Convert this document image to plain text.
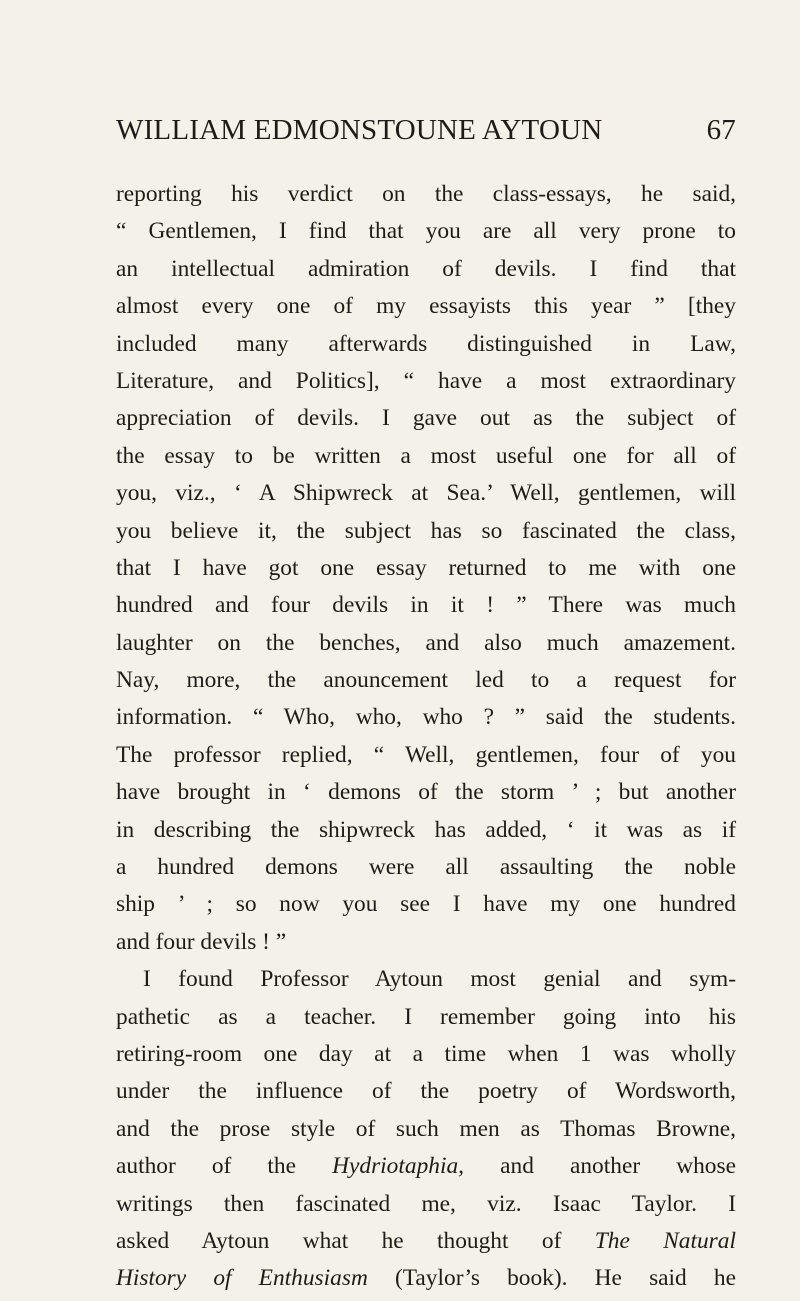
WILLIAM EDMONSTOUNE AYTOUN	67
reporting his verdict on the class-essays, he said,
“ Gentlemen, I find that you are all very prone to
an intellectual admiration of devils. I find that
almost every one of my essayists this year ” [they
included many afterwards distinguished in Law,
Literature, and Politics], “ have a most extraordinary
appreciation of devils. I gave out as the subject of
the essay to be written a most useful one for all of
you, viz., ‘ A Shipwreck at Sea.’ Well, gentlemen, will
you believe it, the subject has so fascinated the class,
that I have got one essay returned to me with one
hundred and four devils in it ! ” There was much
laughter on the benches, and also much amazement.
Nay, more, the anouncement led to a request for
information. “ Who, who, who ? ” said the students.
The professor replied, “ Well, gentlemen, four of you
have brought in ‘ demons of the storm ’ ; but another
in describing the shipwreck has added, ‘ it was as if
a hundred demons were all assaulting the noble
ship ’ ; so now you see I have my one hundred
and four devils ! ”
I found Professor Aytoun most genial and sym-
pathetic as a teacher. I remember going into his
retiring-room one day at a time when 1 was wholly
under the influence of the poetry of Wordsworth,
and the prose style of such men as Thomas Browne,
author of the Hydriotaphia, and another whose
writings then fascinated me, viz. Isaac Taylor. I
asked Aytoun what he thought of The Natural
History of Enthusiasm (Taylor’s book). He said he
